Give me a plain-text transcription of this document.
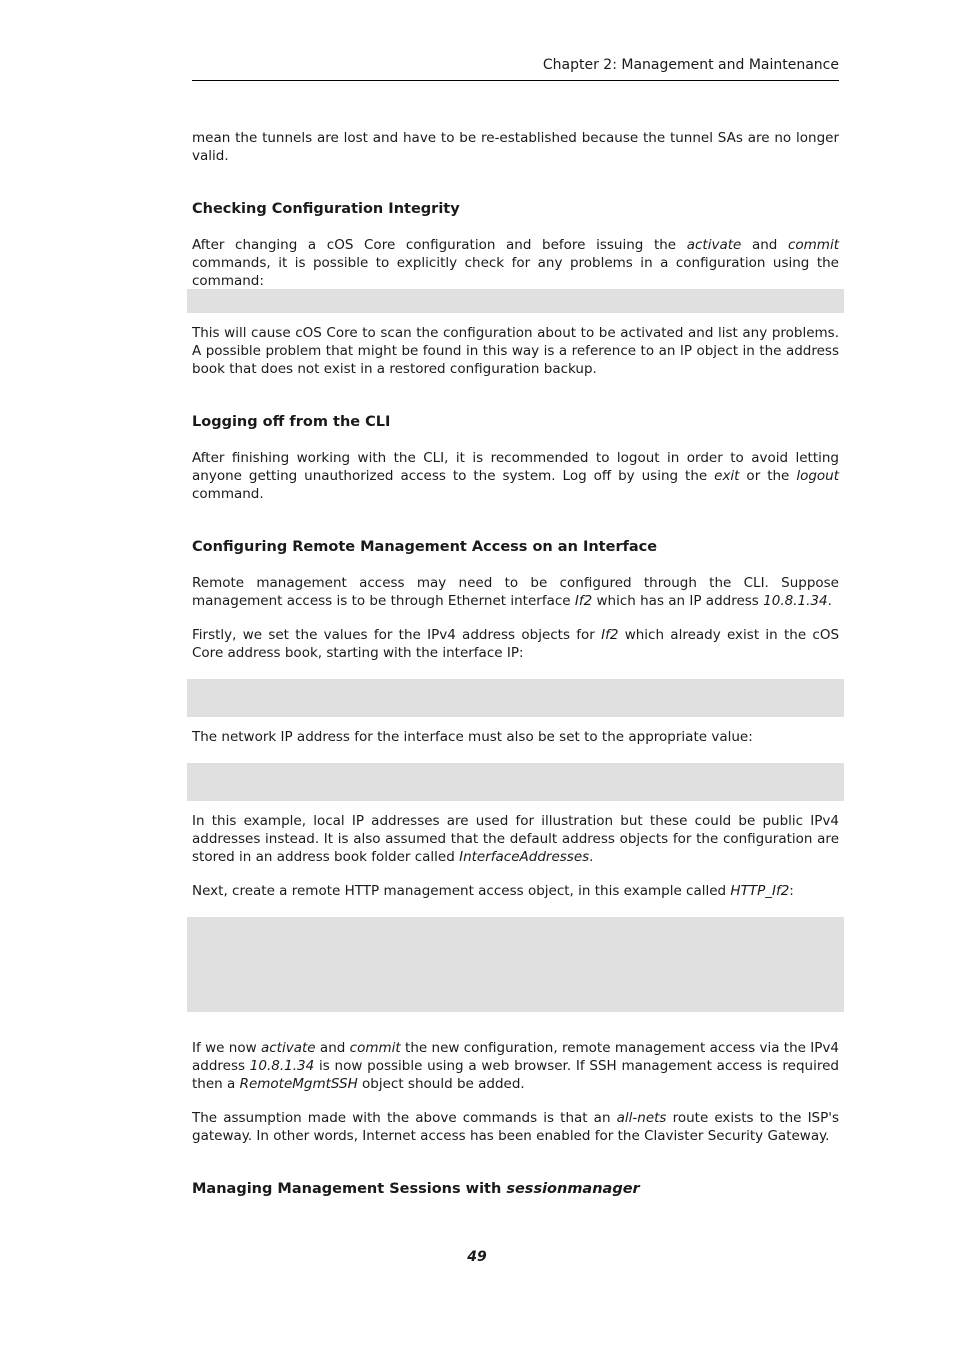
Chapter 2: Management and Maintenance

mean the tunnels are lost and have to be re-established because the tunnel SAs are no longer valid.

Checking Configuration Integrity

After changing a cOS Core configuration and before issuing the activate and commit commands, it is possible to explicitly check for any problems in a configuration using the command:

This will cause cOS Core to scan the configuration about to be activated and list any problems. A possible problem that might be found in this way is a reference to an IP object in the address book that does not exist in a restored configuration backup.

Logging off from the CLI

After finishing working with the CLI, it is recommended to logout in order to avoid letting anyone getting unauthorized access to the system. Log off by using the exit or the logout command.

Configuring Remote Management Access on an Interface

Remote management access may need to be configured through the CLI. Suppose management access is to be through Ethernet interface If2 which has an IP address 10.8.1.34.

Firstly, we set the values for the IPv4 address objects for If2 which already exist in the cOS Core address book, starting with the interface IP:

The network IP address for the interface must also be set to the appropriate value:

In this example, local IP addresses are used for illustration but these could be public IPv4 addresses instead. It is also assumed that the default address objects for the configuration are stored in an address book folder called InterfaceAddresses.

Next, create a remote HTTP management access object, in this example called HTTP_If2:

If we now activate and commit the new configuration, remote management access via the IPv4 address 10.8.1.34 is now possible using a web browser. If SSH management access is required then a RemoteMgmtSSH object should be added.

The assumption made with the above commands is that an all-nets route exists to the ISP's gateway. In other words, Internet access has been enabled for the Clavister Security Gateway.

Managing Management Sessions with sessionmanager
49
